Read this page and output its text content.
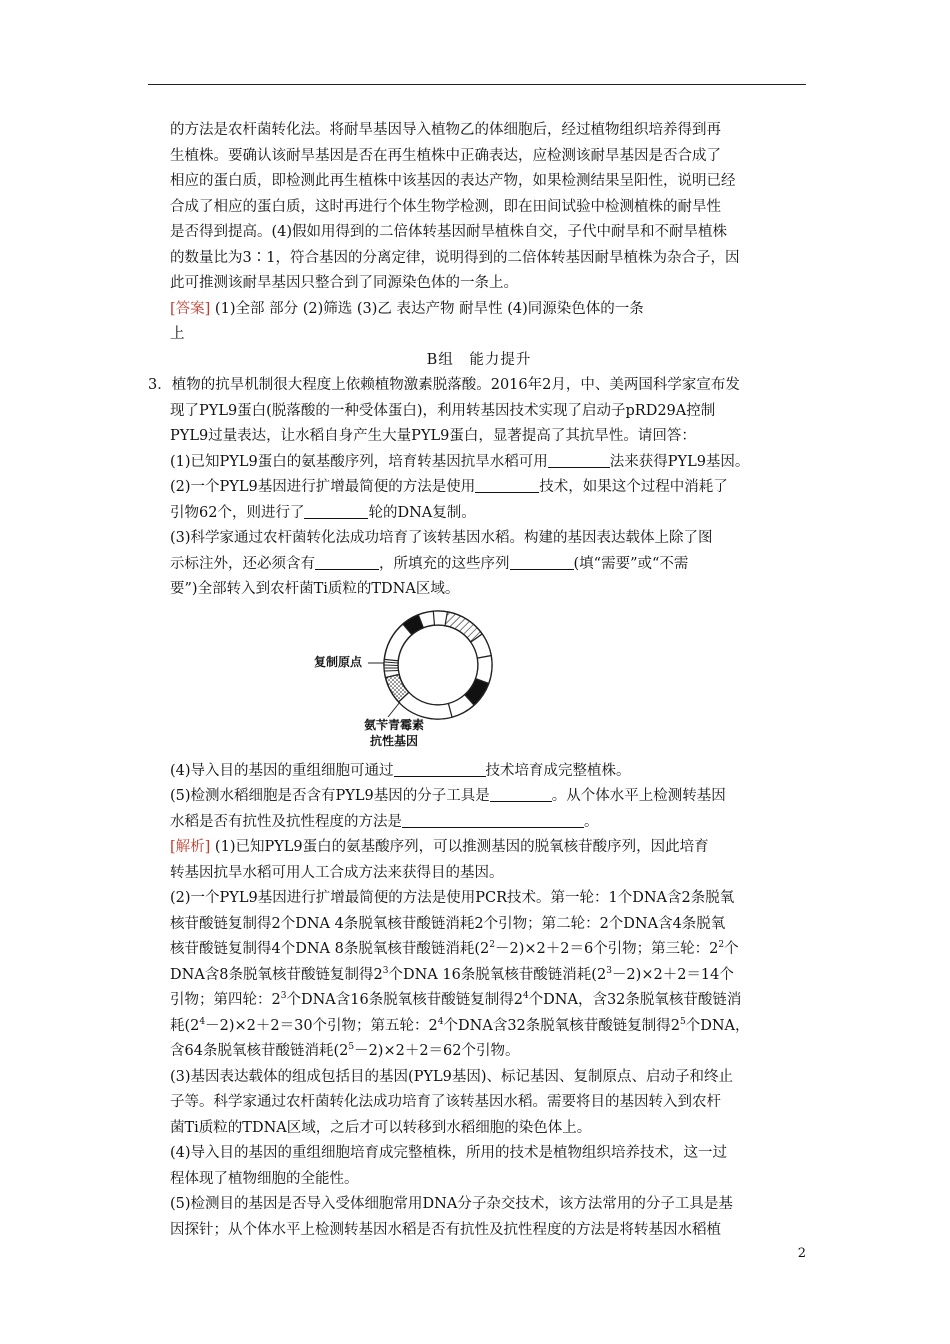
的方法是农杆菌转化法。将耐旱基因导入植物乙的体细胞后，经过植物组织培养得到再

生植株。要确认该耐旱基因是否在再生植株中正确表达，应检测该耐旱基因是否合成了

相应的蛋白质，即检测此再生植株中该基因的表达产物，如果检测结果呈阳性，说明已经

合成了相应的蛋白质，这时再进行个体生物学检测，即在田间试验中检测植株的耐旱性

是否得到提高。(4)假如用得到的二倍体转基因耐旱植株自交，子代中耐旱和不耐旱植株

的数量比为3∶1，符合基因的分离定律，说明得到的二倍体转基因耐旱植株为杂合子，因

此可推测该耐旱基因只整合到了同源染色体的一条上。

[答案] (1)全部 部分 (2)筛选 (3)乙 表达产物 耐旱性 (4)同源染色体的一条

上

B组　能力提升

3．植物的抗旱机制很大程度上依赖植物激素脱落酸。2016年2月，中、美两国科学家宣布发

现了PYL9蛋白(脱落酸的一种受体蛋白)，利用转基因技术实现了启动子pRD29A控制

PYL9过量表达，让水稻自身产生大量PYL9蛋白，显著提高了其抗旱性。请回答：

(1)已知PYL9蛋白的氨基酸序列，培育转基因抗旱水稻可用	法来获得PYL9基因。

(2)一个PYL9基因进行扩增最简便的方法是使用	技术，如果这个过程中消耗了

引物62个，则进行了	轮的DNA复制。

(3)科学家通过农杆菌转化法成功培育了该转基因水稻。构建的基因表达载体上除了图

示标注外，还必须含有	，所填充的这些序列	(填“需要”或“不需

要”)全部转入到农杆菌Ti质粒的TDNA区域。

复制原点
氨苄青霉素
抗性基因

(4)导入目的基因的重组细胞可通过	技术培育成完整植株。

(5)检测水稻细胞是否含有PYL9基因的分子工具是	。从个体水平上检测转基因

水稻是否有抗性及抗性程度的方法是	。

[解析] (1)已知PYL9蛋白的氨基酸序列，可以推测基因的脱氧核苷酸序列，因此培育

转基因抗旱水稻可用人工合成方法来获得目的基因。

(2)一个PYL9基因进行扩增最简便的方法是使用PCR技术。第一轮：1个DNA含2条脱氧

核苷酸链复制得2个DNA 4条脱氧核苷酸链消耗2个引物；第二轮：2个DNA含4条脱氧

核苷酸链复制得4个DNA 8条脱氧核苷酸链消耗$(2^2-2)\times 2+2=6$个引物；第三轮：$2^2$个

DNA含8条脱氧核苷酸链复制得$2^3$个DNA 16条脱氧核苷酸链消耗$(2^3-2)\times 2+2=14$个

引物；第四轮：$2^3$个DNA含16条脱氧核苷酸链复制得$2^4$个DNA，含32条脱氧核苷酸链消

耗$(2^4-2)\times 2+2=30$个引物；第五轮：$2^4$个DNA含32条脱氧核苷酸链复制得$2^5$个DNA，

含64条脱氧核苷酸链消耗$(2^5-2)\times 2+2=62$个引物。

(3)基因表达载体的组成包括目的基因(PYL9基因)、标记基因、复制原点、启动子和终止

子等。科学家通过农杆菌转化法成功培育了该转基因水稻。需要将目的基因转入到农杆

菌Ti质粒的TDNA区域，之后才可以转移到水稻细胞的染色体上。

(4)导入目的基因的重组细胞培育成完整植株，所用的技术是植物组织培养技术，这一过

程体现了植物细胞的全能性。

(5)检测目的基因是否导入受体细胞常用DNA分子杂交技术，该方法常用的分子工具是基

因探针；从个体水平上检测转基因水稻是否有抗性及抗性程度的方法是将转基因水稻植

2
